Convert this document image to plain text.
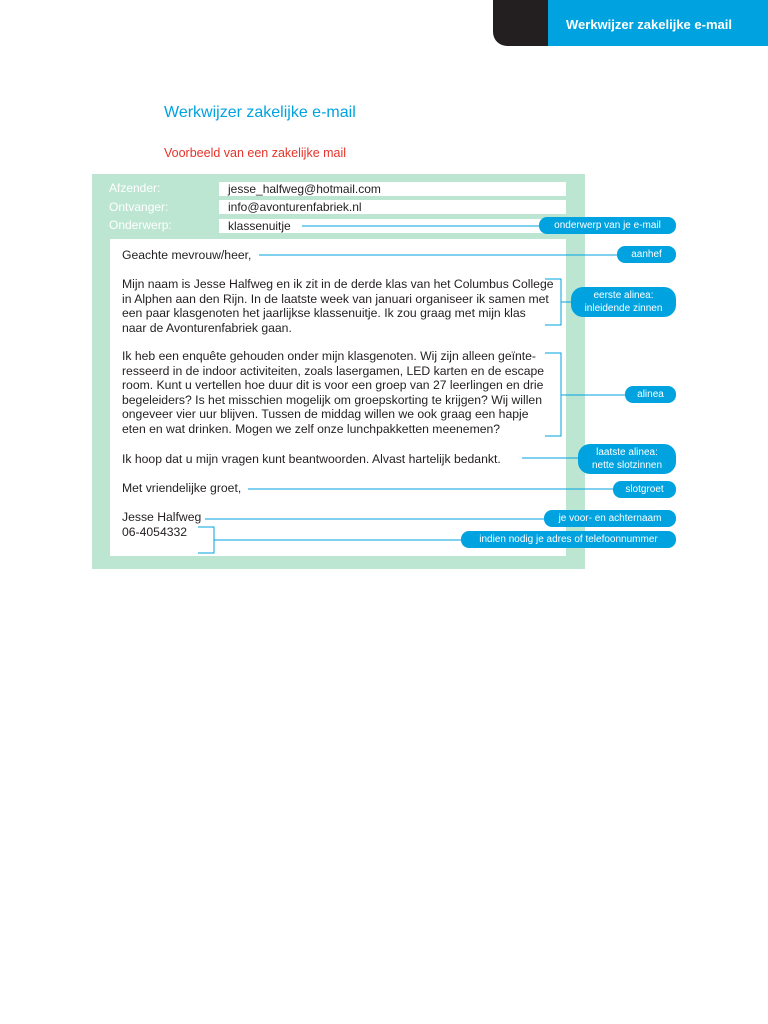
Werkwijzer zakelijke e-mail
Werkwijzer zakelijke e-mail
Voorbeeld van een zakelijke mail
Afzender:	jesse_halfweg@hotmail.com
Ontvanger:	info@avonturenfabriek.nl
Onderwerp:	klassenuitje
Geachte mevrouw/heer,
Mijn naam is Jesse Halfweg en ik zit in de derde klas van het Columbus College
in Alphen aan den Rijn. In de laatste week van januari organiseer ik samen met
een paar klasgenoten het jaarlijkse klassenuitje. Ik zou graag met mijn klas
naar de Avonturenfabriek gaan.
Ik heb een enquête gehouden onder mijn klasgenoten. Wij zijn alleen geïnte-
resseerd in de indoor activiteiten, zoals lasergamen, LED karten en de escape
room. Kunt u vertellen hoe duur dit is voor een groep van 27 leerlingen en drie
begeleiders? Is het misschien mogelijk om groepskorting te krijgen? Wij willen
ongeveer vier uur blijven. Tussen de middag willen we ook graag een hapje
eten en wat drinken. Mogen we zelf onze lunchpakketten meenemen?
Ik hoop dat u mijn vragen kunt beantwoorden. Alvast hartelijk bedankt.
Met vriendelijke groet,
Jesse Halfweg
06-4054332
onderwerp van je e-mail
aanhef
eerste alinea:
inleidende zinnen
alinea
laatste alinea:
nette slotzinnen
slotgroet
je voor- en achternaam
indien nodig je adres of telefoonnummer
